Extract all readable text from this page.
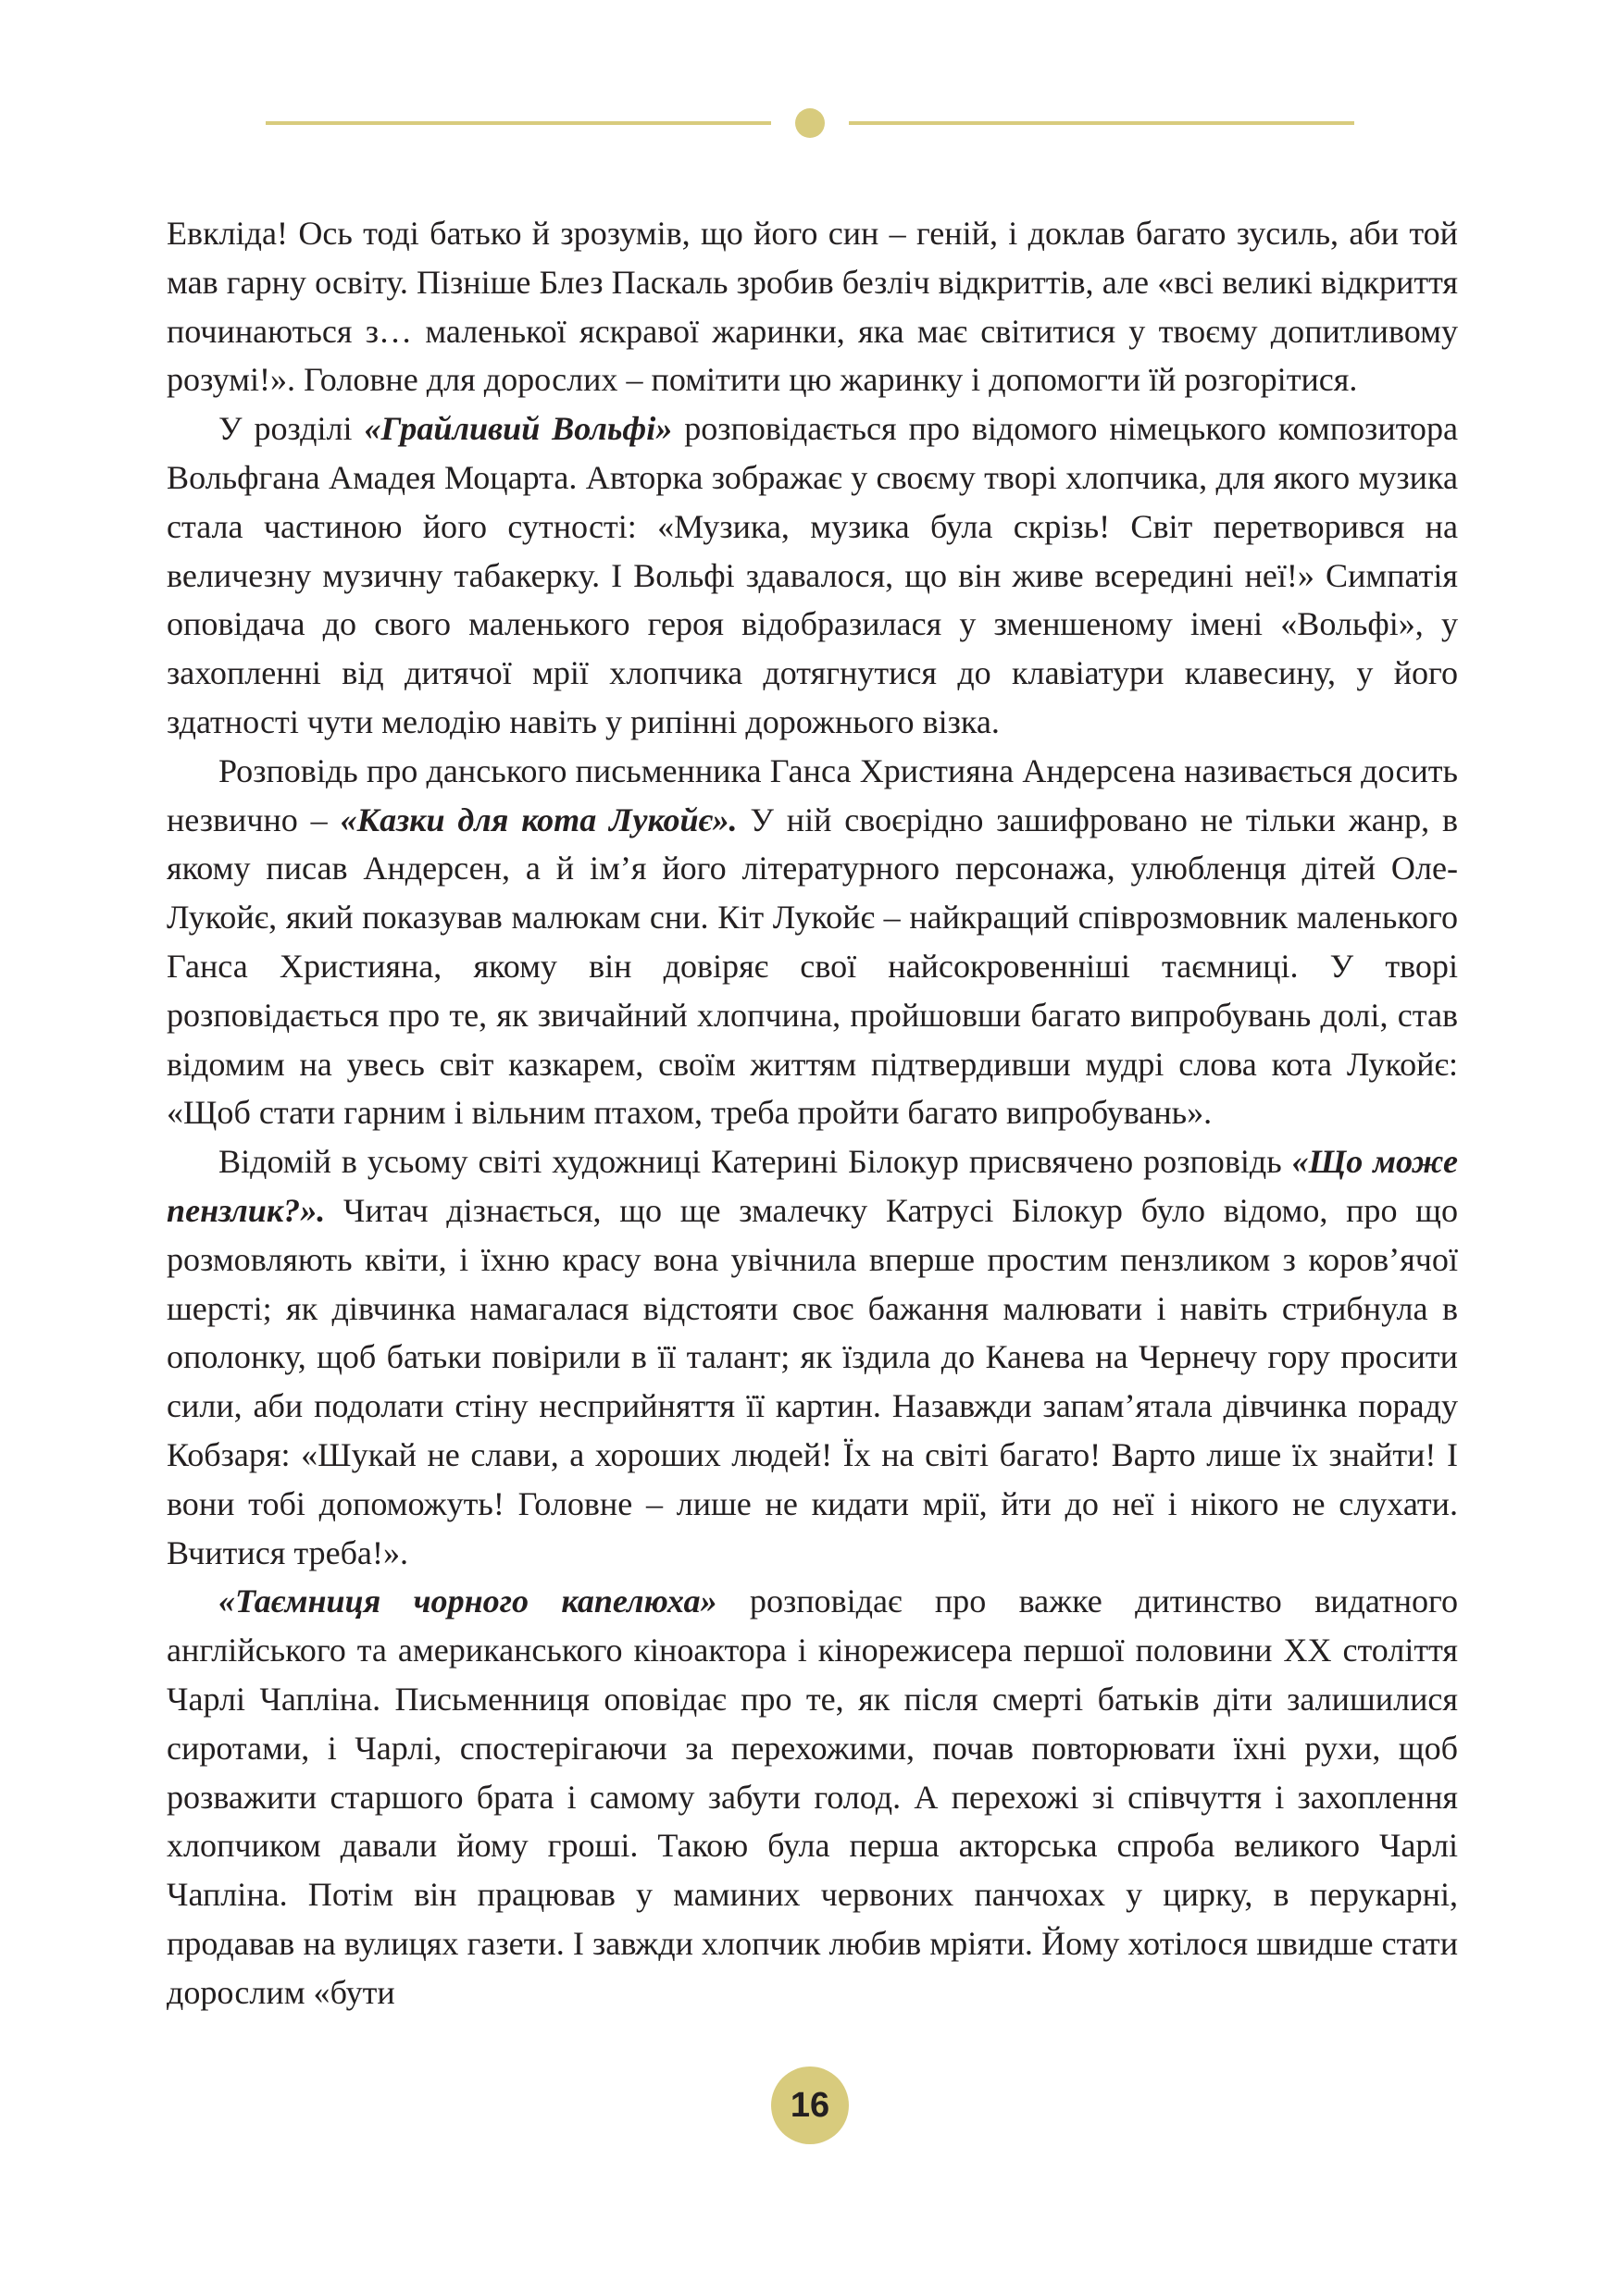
Евкліда! Ось тоді батько й зрозумів, що його син – геній, і доклав багато зусиль, аби той мав гарну освіту. Пізніше Блез Паскаль зробив безліч відкриттів, але «всі великі відкриття починаються з… маленької яскравої жаринки, яка має світитися у твоєму допитливому розумі!». Головне для дорослих – помітити цю жаринку і допомогти їй розгорітися.

У розділі «Грайливий Вольфі» розповідається про відомого німецького композитора Вольфгана Амадея Моцарта. Авторка зображає у своєму творі хлопчика, для якого музика стала частиною його сутності: «Музика, музика була скрізь! Світ перетворився на величезну музичну табакерку. І Вольфі здавалося, що він живе всередині неї!» Симпатія оповідача до свого маленького героя відобразилася у зменшеному імені «Вольфі», у захопленні від дитячої мрії хлопчика дотягнутися до клавіатури клавесину, у його здатності чути мелодію навіть у рипінні дорожнього візка.

Розповідь про данського письменника Ганса Християна Андерсена називається досить незвично – «Казки для кота Лукойє». У ній своєрідно зашифровано не тільки жанр, в якому писав Андерсен, а й ім’я його літературного персонажа, улюбленця дітей Оле-Лукойє, який показував малюкам сни. Кіт Лукойє – найкращий співрозмовник маленького Ганса Християна, якому він довіряє свої найсокровенніші таємниці. У творі розповідається про те, як звичайний хлопчина, пройшовши багато випробувань долі, став відомим на увесь світ казкарем, своїм життям підтвердивши мудрі слова кота Лукойє: «Щоб стати гарним і вільним птахом, треба пройти багато випробувань».

Відомій в усьому світі художниці Катерині Білокур присвячено розповідь «Що може пензлик?». Читач дізнається, що ще змалечку Катрусі Білокур було відомо, про що розмовляють квіти, і їхню красу вона увічнила вперше простим пензликом з коров’ячої шерсті; як дівчинка намагалася відстояти своє бажання малювати і навіть стрибнула в ополонку, щоб батьки повірили в її талант; як їздила до Канева на Чернечу гору просити сили, аби подолати стіну несприйняття її картин. Назавжди запам’ятала дівчинка пораду Кобзаря: «Шукай не слави, а хороших людей! Їх на світі багато! Варто лише їх знайти! І вони тобі допоможуть! Головне – лише не кидати мрії, йти до неї і нікого не слухати. Вчитися треба!».

«Таємниця чорного капелюха» розповідає про важке дитинство видатного англійського та американського кіноактора і кінорежисера першої половини ХХ століття Чарлі Чапліна. Письменниця оповідає про те, як після смерті батьків діти залишилися сиротами, і Чарлі, спостерігаючи за перехожими, почав повторювати їхні рухи, щоб розважити старшого брата і самому забути голод. А перехожі зі співчуття і захоплення хлопчиком давали йому гроші. Такою була перша акторська спроба великого Чарлі Чапліна. Потім він працював у маминих червоних панчохах у цирку, в перукарні, продавав на вулицях газети. І завжди хлопчик любив мріяти. Йому хотілося швидше стати дорослим «бути

16
